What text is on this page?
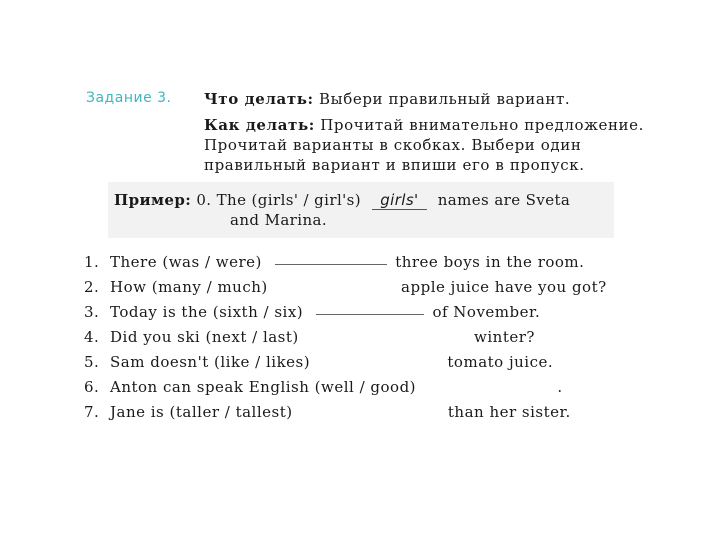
Задание 3. Что делать: Выбери правильный вариант.
Как делать: Прочитай внимательно предложение.
Прочитай варианты в скобках. Выбери один
правильный вариант и впиши его в пропуск.
Пример: 0. The (girls' / girl's) girls' names are Sveta
and Marina.
1. There (was / were)	three boys in the room.
2. How (many / much)	apple juice have you got?
3. Today is the (sixth / six)	of November.
4. Did you ski (next / last)	winter?
5. Sam doesn't (like / likes)	tomato juice.
6. Anton can speak English (well / good)	.
7. Jane is (taller / tallest)	than her sister.
